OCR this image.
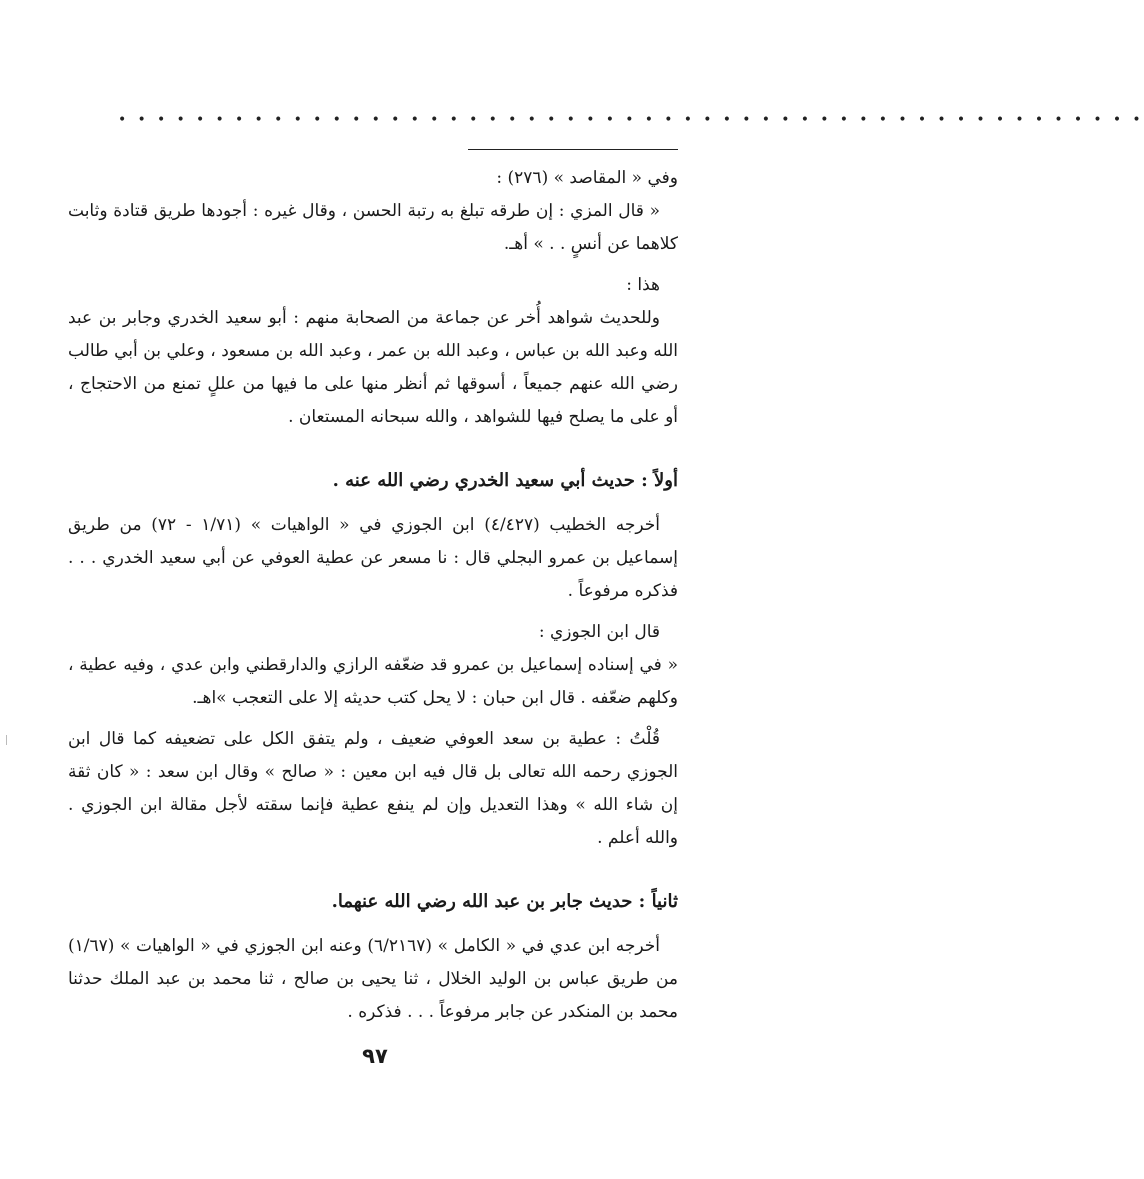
• • • • • • • • • • • • • • • • • • • • • • • • • • • • • • • • • • • • • • • • • • • • • • • • • • • • •

وفي « المقاصد » (٢٧٦) :

« قال المزي : إن طرقه تبلغ به رتبة الحسن ، وقال غيره : أجودها طريق قتادة وثابت كلاهما عن أنسٍ . . » أهـ.

هذا :

وللحديث شواهد أُخر عن جماعة من الصحابة منهم : أبو سعيد الخدري وجابر بن عبد الله وعبد الله بن عباس ، وعبد الله بن عمر ، وعبد الله بن مسعود ، وعلي بن أبي طالب رضي الله عنهم جميعاً ، أسوقها ثم أنظر منها على ما فيها من عللٍ تمنع من الاحتجاج ، أو على ما يصلح فيها للشواهد ، والله سبحانه المستعان .

أولاً : حديث أبي سعيد الخدري رضي الله عنه .

أخرجه الخطيب (٤/٤٢٧) ابن الجوزي في « الواهيات » (١/٧١ - ٧٢) من طريق إسماعيل بن عمرو البجلي قال : نا مسعر عن عطية العوفي عن أبي سعيد الخدري . . . فذكره مرفوعاً .

قال ابن الجوزي :

« في إسناده إسماعيل بن عمرو قد ضعّفه الرازي والدارقطني وابن عدي ، وفيه عطية ، وكلهم ضعّفه . قال ابن حبان : لا يحل كتب حديثه إلا على التعجب »اهـ.

قُلْتُ : عطية بن سعد العوفي ضعيف ، ولم يتفق الكل على تضعيفه كما قال ابن الجوزي رحمه الله تعالى بل قال فيه ابن معين : « صالح » وقال ابن سعد : « كان ثقة إن شاء الله » وهذا التعديل وإن لم ينفع عطية فإنما سقته لأجل مقالة ابن الجوزي . والله أعلم .

ثانياً : حديث جابر بن عبد الله رضي الله عنهما.

أخرجه ابن عدي في « الكامل » (٦/٢١٦٧) وعنه ابن الجوزي في « الواهيات » (١/٦٧) من طريق عباس بن الوليد الخلال ، ثنا يحيى بن صالح ، ثنا محمد بن عبد الملك حدثنا محمد بن المنكدر عن جابر مرفوعاً . . . فذكره .

٩٧
